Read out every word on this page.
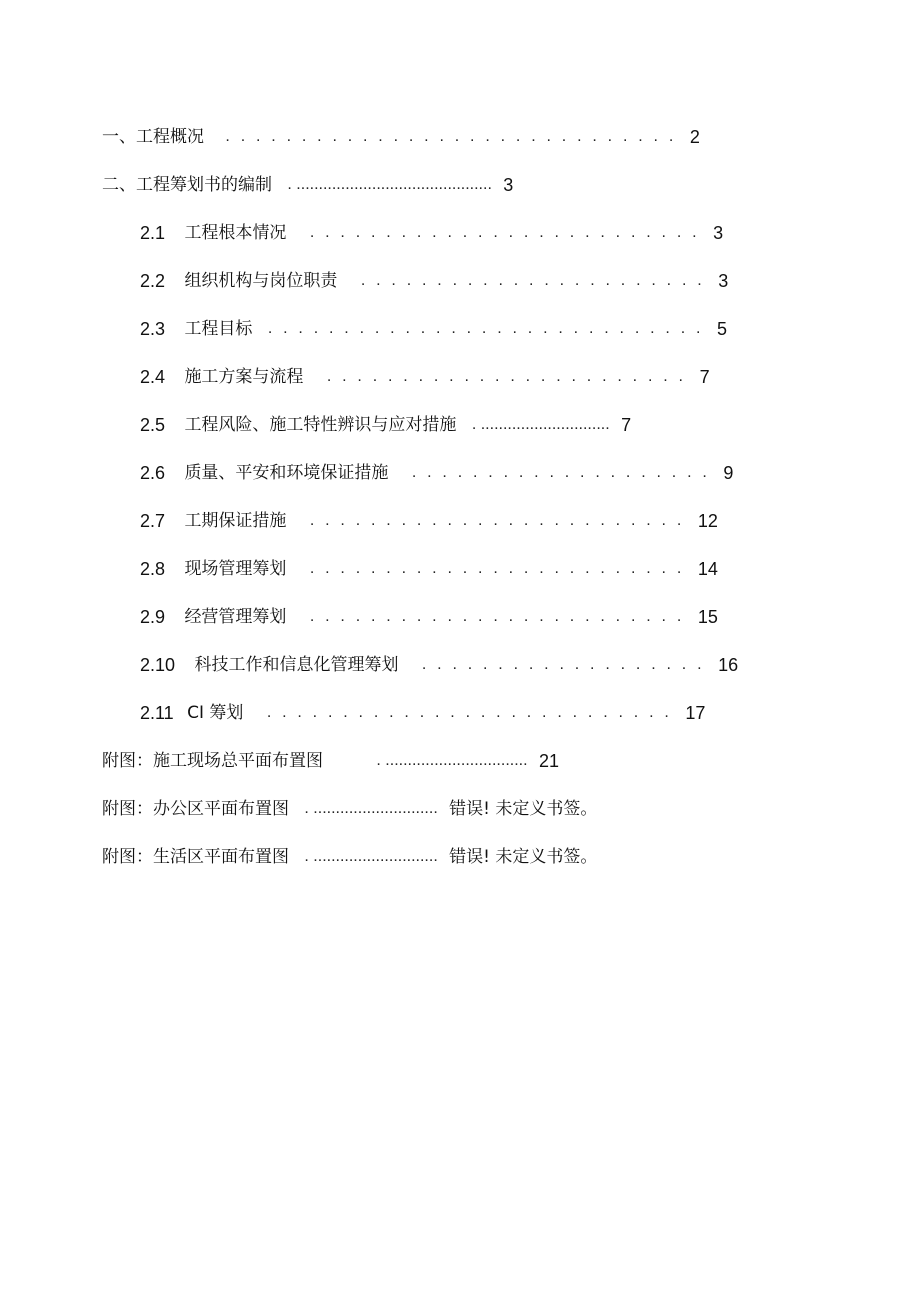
一、工程概况 . . . . . . . . . . . . . . . . . . . . . . . . . . . . . . 2
二、工程筹划书的编制 . ............................................ 3
2.1 工程根本情况 . . . . . . . . . . . . . . . . . . . . . . . . . . 3
2.2 组织机构与岗位职责 . . . . . . . . . . . . . . . . . . . . . . . 3
2.3 工程目标 . . . . . . . . . . . . . . . . . . . . . . . . . . . . . 5
2.4 施工方案与流程 . . . . . . . . . . . . . . . . . . . . . . . . 7
2.5 工程风险、施工特性辨识与应对措施 . ............................. 7
2.6 质量、平安和环境保证措施 . . . . . . . . . . . . . . . . . . . . 9
2.7 工期保证措施 . . . . . . . . . . . . . . . . . . . . . . . . . 12
2.8 现场管理筹划 . . . . . . . . . . . . . . . . . . . . . . . . . 14
2.9 经营管理筹划 . . . . . . . . . . . . . . . . . . . . . . . . . 15
2.10 科技工作和信息化管理筹划 . . . . . . . . . . . . . . . . . . . 16
2.11 CI 筹划 . . . . . . . . . . . . . . . . . . . . . . . . . . . 17
附图：施工现场总平面布置图	. ................................ 21
附图：办公区平面布置图 . ............................ 错误! 未定义书签。
附图：生活区平面布置图 . ............................ 错误! 未定义书签。
